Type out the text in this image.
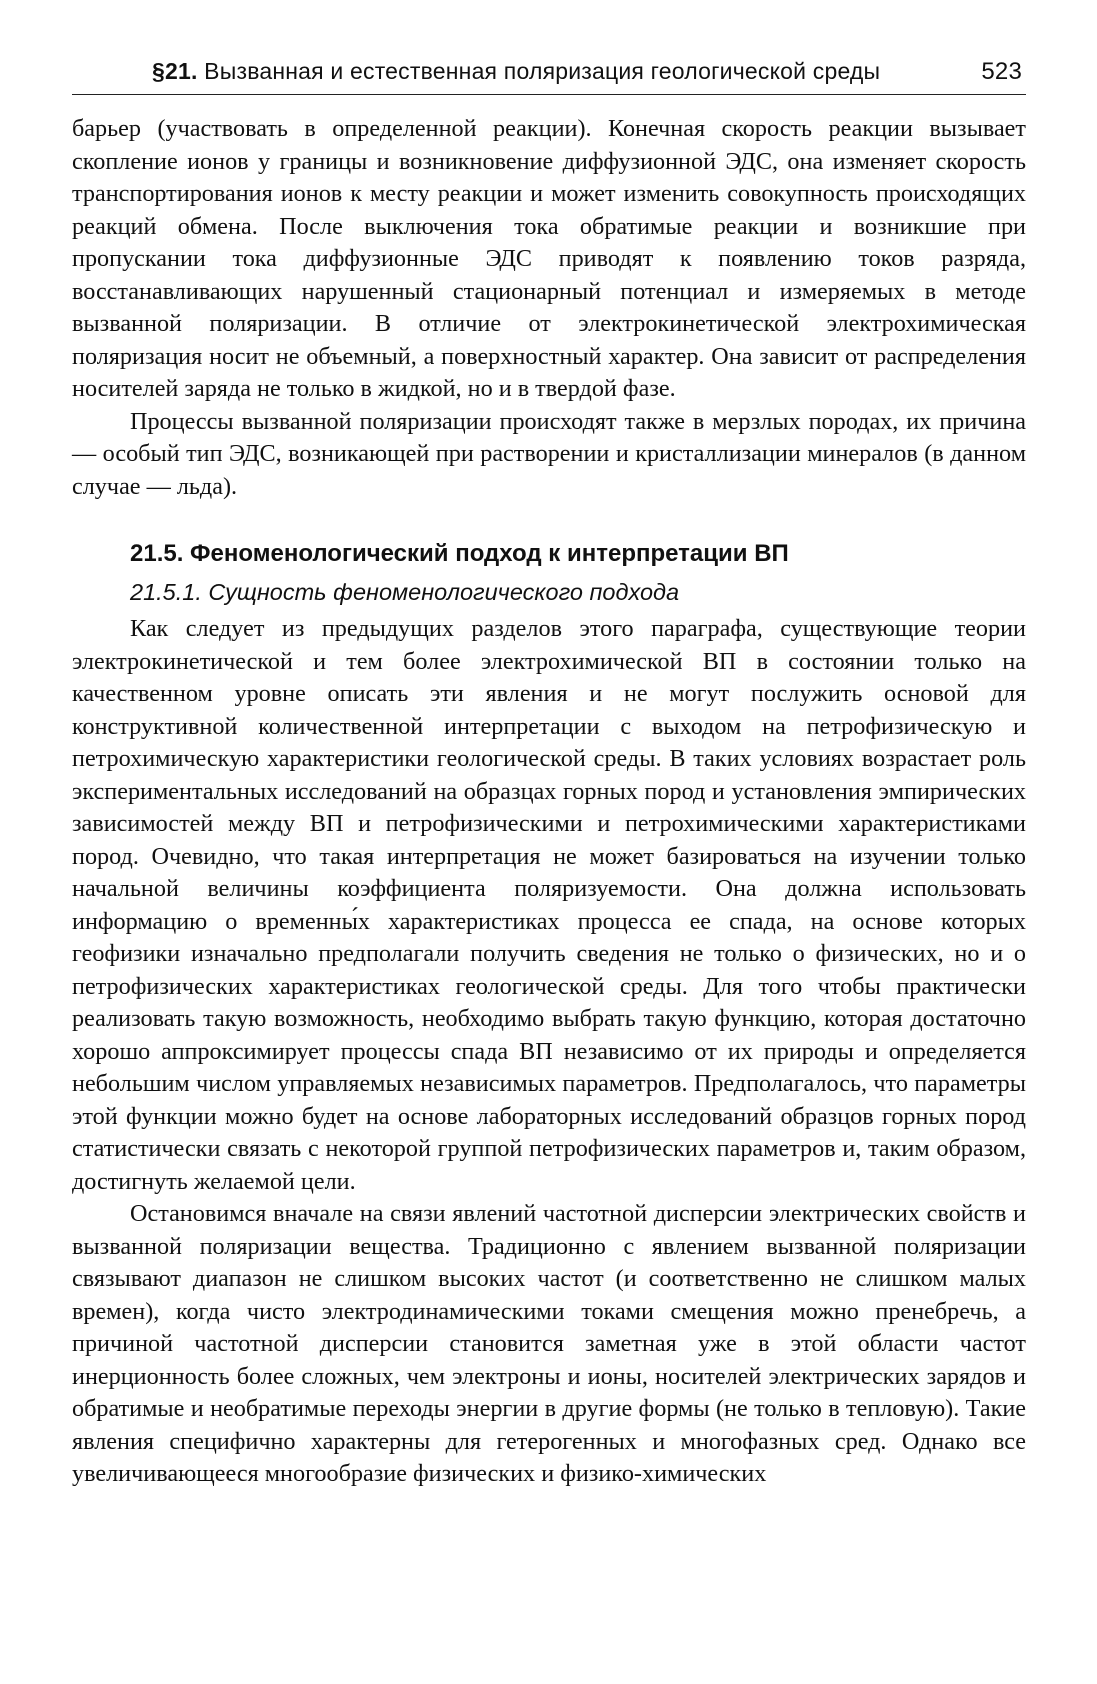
§21. Вызванная и естественная поляризация геологической среды	523

барьер (участвовать в определенной реакции). Конечная скорость реакции вызывает скопление ионов у границы и возникновение диффузионной ЭДС, она изменяет скорость транспортирования ионов к месту реакции и может изменить совокупность происходящих реакций обмена. После выключения тока обратимые реакции и возникшие при пропускании тока диффузионные ЭДС приводят к появлению токов разряда, восстанавливающих нарушенный стационарный потенциал и измеряемых в методе вызванной поляризации. В отличие от электрокинетической электрохимическая поляризация носит не объемный, а поверхностный характер. Она зависит от распределения носителей заряда не только в жидкой, но и в твердой фазе.

Процессы вызванной поляризации происходят также в мерзлых породах, их причина — особый тип ЭДС, возникающей при растворении и кристаллизации минералов (в данном случае — льда).

21.5. Феноменологический подход к интерпретации ВП
21.5.1. Сущность феноменологического подхода

Как следует из предыдущих разделов этого параграфа, существующие теории электрокинетической и тем более электрохимической ВП в состоянии только на качественном уровне описать эти явления и не могут послужить основой для конструктивной количественной интерпретации с выходом на петрофизическую и петрохимическую характеристики геологической среды. В таких условиях возрастает роль экспериментальных исследований на образцах горных пород и установления эмпирических зависимостей между ВП и петрофизическими и петрохимическими характеристиками пород. Очевидно, что такая интерпретация не может базироваться на изучении только начальной величины коэффициента поляризуемости. Она должна использовать информацию о временны́х характеристиках процесса ее спада, на основе которых геофизики изначально предполагали получить сведения не только о физических, но и о петрофизических характеристиках геологической среды. Для того чтобы практически реализовать такую возможность, необходимо выбрать такую функцию, которая достаточно хорошо аппроксимирует процессы спада ВП независимо от их природы и определяется небольшим числом управляемых независимых параметров. Предполагалось, что параметры этой функции можно будет на основе лабораторных исследований образцов горных пород статистически связать с некоторой группой петрофизических параметров и, таким образом, достигнуть желаемой цели.

Остановимся вначале на связи явлений частотной дисперсии электрических свойств и вызванной поляризации вещества. Традиционно с явлением вызванной поляризации связывают диапазон не слишком высоких частот (и соответственно не слишком малых времен), когда чисто электродинамическими токами смещения можно пренебречь, а причиной частотной дисперсии становится заметная уже в этой области частот инерционность более сложных, чем электроны и ионы, носителей электрических зарядов и обратимые и необратимые переходы энергии в другие формы (не только в тепловую). Такие явления специфично характерны для гетерогенных и многофазных сред. Однако все увеличивающееся многообразие физических и физико-химических
